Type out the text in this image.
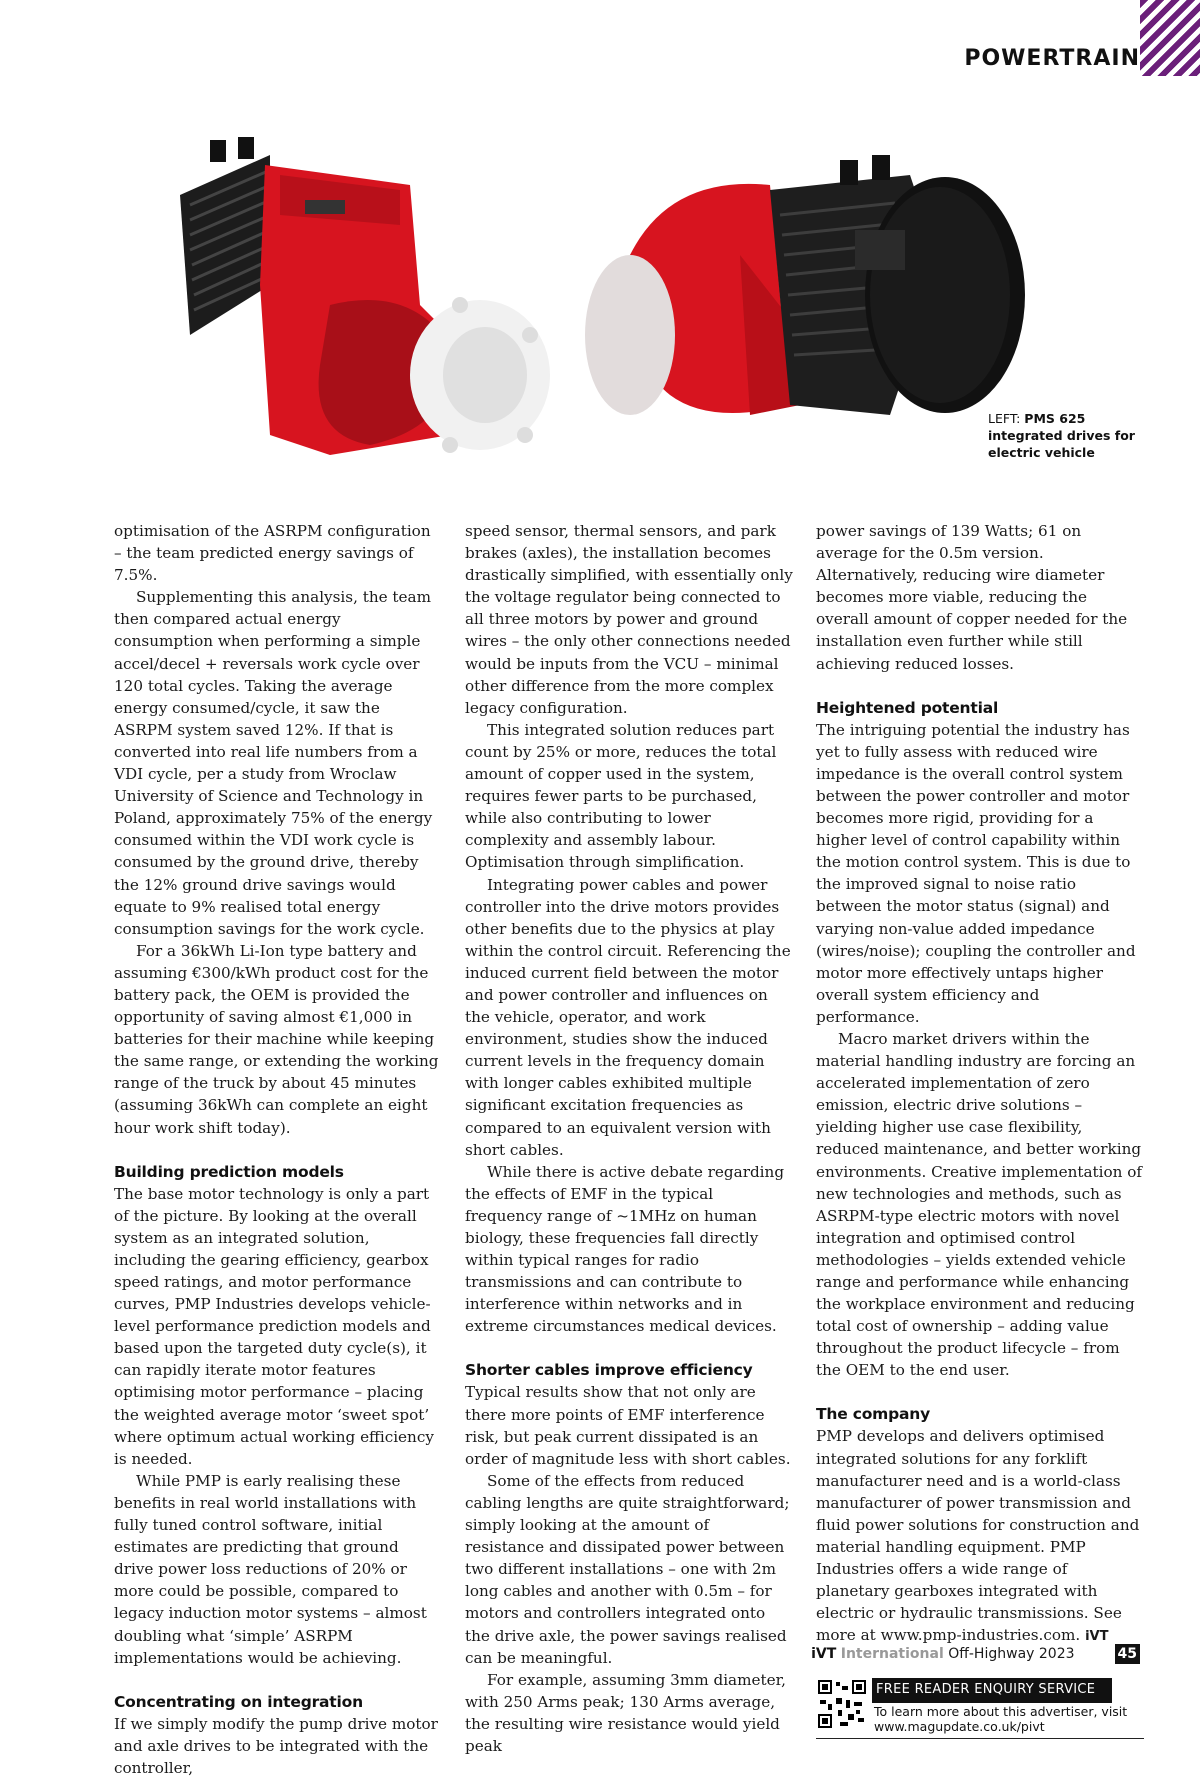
POWERTRAIN
LEFT: PMS 625 integrated drives for electric vehicle

optimisation of the ASRPM configuration – the team predicted energy savings of 7.5%.

Supplementing this analysis, the team then compared actual energy consumption when performing a simple accel/decel + reversals work cycle over 120 total cycles. Taking the average energy consumed/cycle, it saw the ASRPM system saved 12%. If that is converted into real life numbers from a VDI cycle, per a study from Wroclaw University of Science and Technology in Poland, approximately 75% of the energy consumed within the VDI work cycle is consumed by the ground drive, thereby the 12% ground drive savings would equate to 9% realised total energy consumption savings for the work cycle.

For a 36kWh Li-Ion type battery and assuming €300/kWh product cost for the battery pack, the OEM is provided the opportunity of saving almost €1,000 in batteries for their machine while keeping the same range, or extending the working range of the truck by about 45 minutes (assuming 36kWh can complete an eight hour work shift today).

Building prediction models

The base motor technology is only a part of the picture. By looking at the overall system as an integrated solution, including the gearing efficiency, gearbox speed ratings, and motor performance curves, PMP Industries develops vehicle-level performance prediction models and based upon the targeted duty cycle(s), it can rapidly iterate motor features optimising motor performance – placing the weighted average motor ‘sweet spot’ where optimum actual working efficiency is needed.

While PMP is early realising these benefits in real world installations with fully tuned control software, initial estimates are predicting that ground drive power loss reductions of 20% or more could be possible, compared to legacy induction motor systems – almost doubling what ‘simple’ ASRPM implementations would be achieving.

Concentrating on integration

If we simply modify the pump drive motor and axle drives to be integrated with the controller,

speed sensor, thermal sensors, and park brakes (axles), the installation becomes drastically simplified, with essentially only the voltage regulator being connected to all three motors by power and ground wires – the only other connections needed would be inputs from the VCU – minimal other difference from the more complex legacy configuration.

This integrated solution reduces part count by 25% or more, reduces the total amount of copper used in the system, requires fewer parts to be purchased, while also contributing to lower complexity and assembly labour. Optimisation through simplification.

Integrating power cables and power controller into the drive motors provides other benefits due to the physics at play within the control circuit. Referencing the induced current field between the motor and power controller and influences on the vehicle, operator, and work environment, studies show the induced current levels in the frequency domain with longer cables exhibited multiple significant excitation frequencies as compared to an equivalent version with short cables.

While there is active debate regarding the effects of EMF in the typical frequency range of ~1MHz on human biology, these frequencies fall directly within typical ranges for radio transmissions and can contribute to interference within networks and in extreme circumstances medical devices.

Shorter cables improve efficiency

Typical results show that not only are there more points of EMF interference risk, but peak current dissipated is an order of magnitude less with short cables.

Some of the effects from reduced cabling lengths are quite straightforward; simply looking at the amount of resistance and dissipated power between two different installations – one with 2m long cables and another with 0.5m – for motors and controllers integrated onto the drive axle, the power savings realised can be meaningful.

For example, assuming 3mm diameter, with 250 Arms peak; 130 Arms average, the resulting wire resistance would yield peak

power savings of 139 Watts; 61 on average for the 0.5m version. Alternatively, reducing wire diameter becomes more viable, reducing the overall amount of copper needed for the installation even further while still achieving reduced losses.

Heightened potential

The intriguing potential the industry has yet to fully assess with reduced wire impedance is the overall control system between the power controller and motor becomes more rigid, providing for a higher level of control capability within the motion control system. This is due to the improved signal to noise ratio between the motor status (signal) and varying non-value added impedance (wires/noise); coupling the controller and motor more effectively untaps higher overall system efficiency and performance.

Macro market drivers within the material handling industry are forcing an accelerated implementation of zero emission, electric drive solutions – yielding higher use case flexibility, reduced maintenance, and better working environments. Creative implementation of new technologies and methods, such as ASRPM-type electric motors with novel integration and optimised control methodologies – yields extended vehicle range and performance while enhancing the workplace environment and reducing total cost of ownership – adding value throughout the product lifecycle – from the OEM to the end user.

The company

PMP develops and delivers optimised integrated solutions for any forklift manufacturer need and is a world-class manufacturer of power transmission and fluid power solutions for construction and material handling equipment. PMP Industries offers a wide range of planetary gearboxes integrated with electric or hydraulic transmissions. See more at www.pmp-industries.com. iVT

FREE READER ENQUIRY SERVICE
To learn more about this advertiser, visit www.magupdate.co.uk/pivt
iVT International Off-Highway 2023	45
